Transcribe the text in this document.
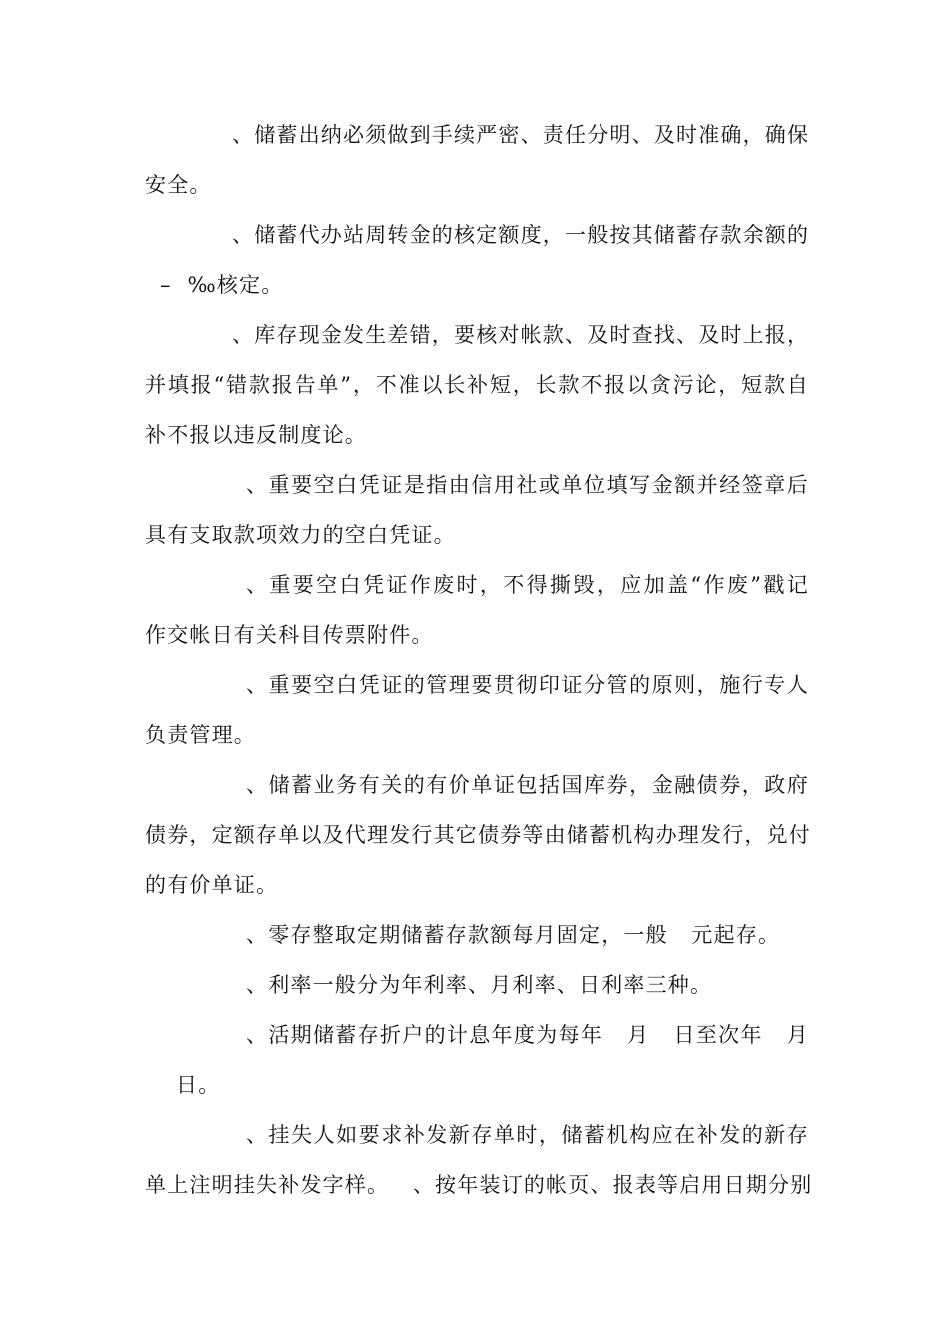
、储蓄出纳必须做到手续严密、责任分明、及时准确，确保
安全。
、储蓄代办站周转金的核定额度，一般按其储蓄存款余额的
–  ‰核定。
、库存现金发生差错，要核对帐款、及时查找、及时上报，
并填报“错款报告单”，不准以长补短，长款不报以贪污论，短款自
补不报以违反制度论。
、重要空白凭证是指由信用社或单位填写金额并经签章后
具有支取款项效力的空白凭证。
、重要空白凭证作废时，不得撕毁，应加盖“作废”戳记
作交帐日有关科目传票附件。
、重要空白凭证的管理要贯彻印证分管的原则，施行专人
负责管理。
、储蓄业务有关的有价单证包括国库券，金融债券，政府
债券，定额存单以及代理发行其它债券等由储蓄机构办理发行，兑付
的有价单证。
、零存整取定期储蓄存款额每月固定，一般   元起存。
、利率一般分为年利率、月利率、日利率三种。
、活期储蓄存折户的计息年度为每年   月   日至次年   月
日。
、挂失人如要求补发新存单时，储蓄机构应在补发的新存
单上注明挂失补发字样。   、按年装订的帐页、报表等启用日期分别
